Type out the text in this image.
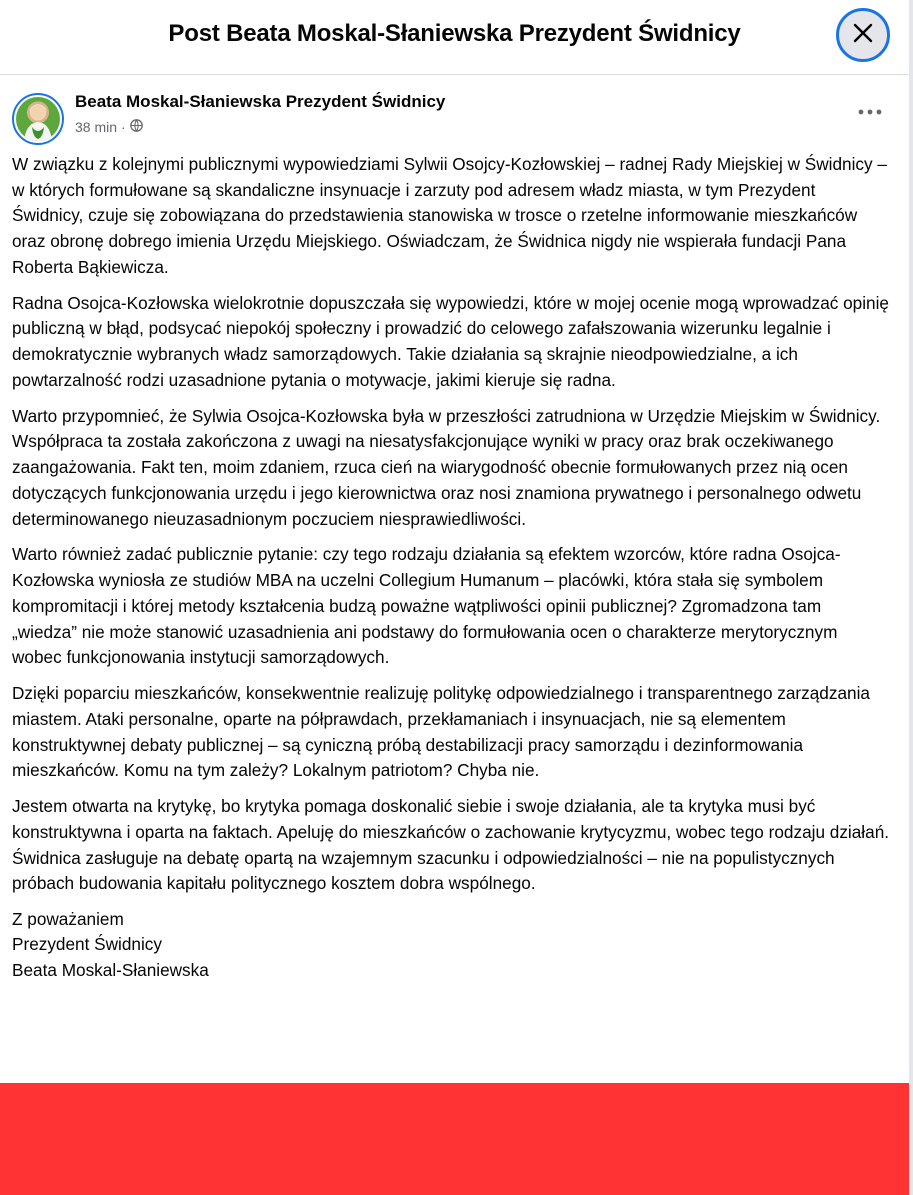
Post Beata Moskal-Słaniewska Prezydent Świdnicy
Beata Moskal-Słaniewska Prezydent Świdnicy
38 min ·

W związku z kolejnymi publicznymi wypowiedziami Sylwii Osojcy-Kozłowskiej – radnej Rady Miejskiej w Świdnicy – w których formułowane są skandaliczne insynuacje i zarzuty pod adresem władz miasta, w tym Prezydent Świdnicy, czuje się zobowiązana do przedstawienia stanowiska w trosce o rzetelne informowanie mieszkańców oraz obronę dobrego imienia Urzędu Miejskiego. Oświadczam, że Świdnica nigdy nie wspierała fundacji Pana Roberta Bąkiewicza.

Radna Osojca-Kozłowska wielokrotnie dopuszczała się wypowiedzi, które w mojej ocenie mogą wprowadzać opinię publiczną w błąd, podsycać niepokój społeczny i prowadzić do celowego zafałszowania wizerunku legalnie i demokratycznie wybranych władz samorządowych. Takie działania są skrajnie nieodpowiedzialne, a ich powtarzalność rodzi uzasadnione pytania o motywacje, jakimi kieruje się radna.

Warto przypomnieć, że Sylwia Osojca-Kozłowska była w przeszłości zatrudniona w Urzędzie Miejskim w Świdnicy. Współpraca ta została zakończona z uwagi na niesatysfakcjonujące wyniki w pracy oraz brak oczekiwanego zaangażowania. Fakt ten, moim zdaniem, rzuca cień na wiarygodność obecnie formułowanych przez nią ocen dotyczących funkcjonowania urzędu i jego kierownictwa oraz nosi znamiona prywatnego i personalnego odwetu determinowanego nieuzasadnionym poczuciem niesprawiedliwości.

Warto również zadać publicznie pytanie: czy tego rodzaju działania są efektem wzorców, które radna Osojca-Kozłowska wyniosła ze studiów MBA na uczelni Collegium Humanum – placówki, która stała się symbolem kompromitacji i której metody kształcenia budzą poważne wątpliwości opinii publicznej? Zgromadzona tam „wiedza” nie może stanowić uzasadnienia ani podstawy do formułowania ocen o charakterze merytorycznym wobec funkcjonowania instytucji samorządowych.

Dzięki poparciu mieszkańców, konsekwentnie realizuję politykę odpowiedzialnego i transparentnego zarządzania miastem. Ataki personalne, oparte na półprawdach, przekłamaniach i insynuacjach, nie są elementem konstruktywnej debaty publicznej – są cyniczną próbą destabilizacji pracy samorządu i dezinformowania mieszkańców. Komu na tym zależy? Lokalnym patriotom? Chyba nie.

Jestem otwarta na krytykę, bo krytyka pomaga doskonalić siebie i swoje działania, ale ta krytyka musi być konstruktywna i oparta na faktach. Apeluję do mieszkańców o zachowanie krytycyzmu, wobec tego rodzaju działań. Świdnica zasługuje na debatę opartą na wzajemnym szacunku i odpowiedzialności – nie na populistycznych próbach budowania kapitału politycznego kosztem dobra wspólnego.

Z poważaniem
Prezydent Świdnicy
Beata Moskal-Słaniewska
